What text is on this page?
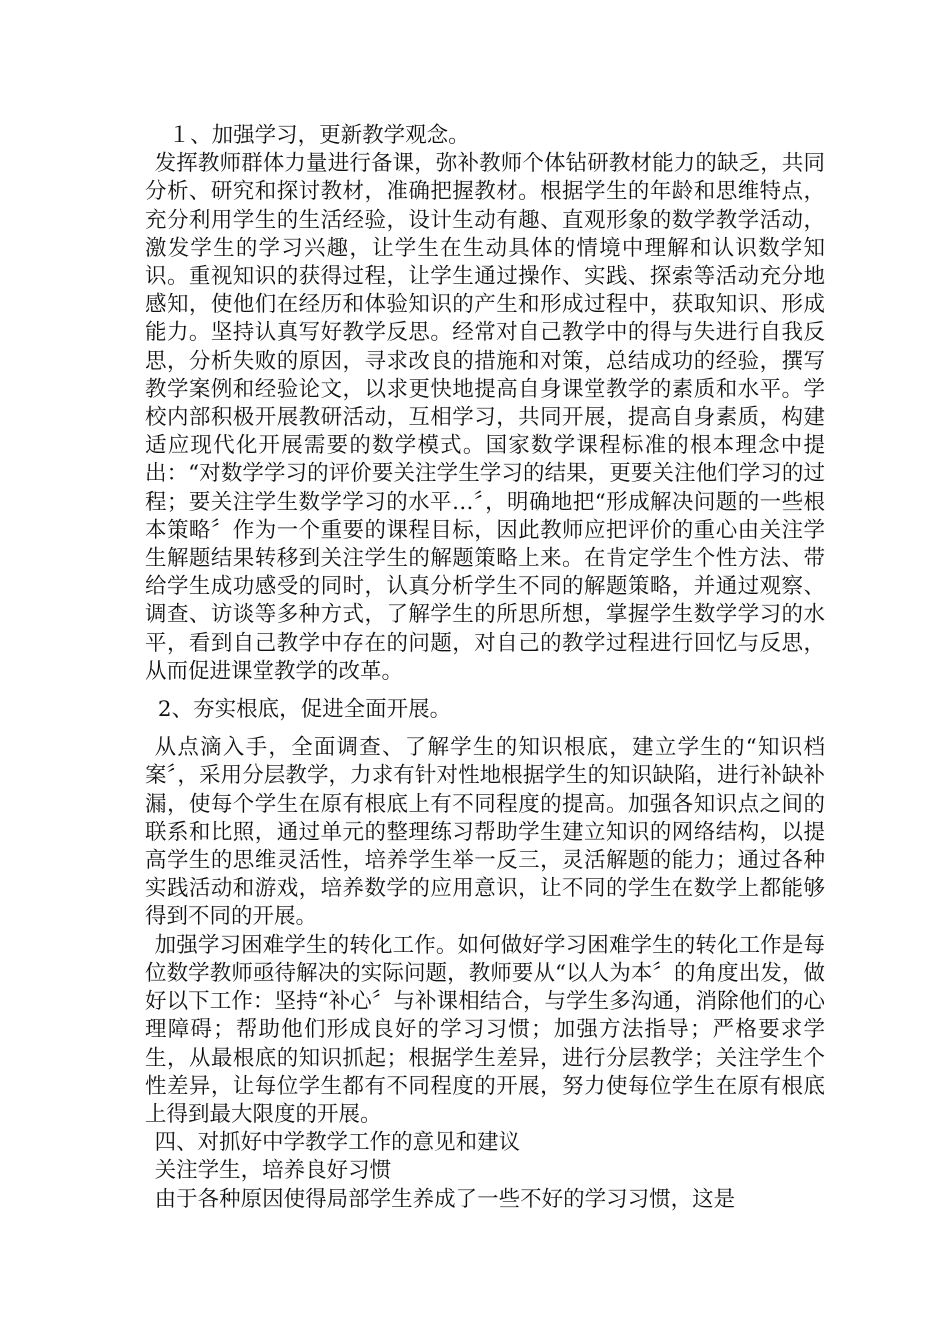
１、加强学习，更新教学观念。

发挥教师群体力量进行备课，弥补教师个体钻研教材能力的缺乏，共同分析、研究和探讨教材，准确把握教材。根据学生的年龄和思维特点，充分利用学生的生活经验，设计生动有趣、直观形象的数学教学活动，激发学生的学习兴趣，让学生在生动具体的情境中理解和认识数学知识。重视知识的获得过程，让学生通过操作、实践、探索等活动充分地感知，使他们在经历和体验知识的产生和形成过程中，获取知识、形成能力。坚持认真写好教学反思。经常对自己教学中的得与失进行自我反思，分析失败的原因，寻求改良的措施和对策，总结成功的经验，撰写教学案例和经验论文，以求更快地提高自身课堂教学的素质和水平。学校内部积极开展教研活动，互相学习，共同开展，提高自身素质，构建适应现代化开展需要的数学模式。国家数学课程标准的根本理念中提出：“对数学学习的评价要关注学生学习的结果，更要关注他们学习的过程；要关注学生数学学习的水平…〞，明确地把“形成解决问题的一些根本策略〞作为一个重要的课程目标，因此教师应把评价的重心由关注学生解题结果转移到关注学生的解题策略上来。在肯定学生个性方法、带给学生成功感受的同时，认真分析学生不同的解题策略，并通过观察、调查、访谈等多种方式，了解学生的所思所想，掌握学生数学学习的水平，看到自己教学中存在的问题，对自己的教学过程进行回忆与反思，从而促进课堂教学的改革。

2、夯实根底，促进全面开展。

从点滴入手，全面调查、了解学生的知识根底，建立学生的“知识档案〞，采用分层教学，力求有针对性地根据学生的知识缺陷，进行补缺补漏，使每个学生在原有根底上有不同程度的提高。加强各知识点之间的联系和比照，通过单元的整理练习帮助学生建立知识的网络结构，以提高学生的思维灵活性，培养学生举一反三，灵活解题的能力；通过各种实践活动和游戏，培养数学的应用意识，让不同的学生在数学上都能够得到不同的开展。

加强学习困难学生的转化工作。如何做好学习困难学生的转化工作是每位数学教师亟待解决的实际问题，教师要从“以人为本〞的角度出发，做好以下工作：坚持“补心〞与补课相结合，与学生多沟通，消除他们的心理障碍；帮助他们形成良好的学习习惯；加强方法指导；严格要求学生，从最根底的知识抓起；根据学生差异，进行分层教学；关注学生个性差异，让每位学生都有不同程度的开展，努力使每位学生在原有根底上得到最大限度的开展。

四、对抓好中学教学工作的意见和建议

关注学生，培养良好习惯

由于各种原因使得局部学生养成了一些不好的学习习惯，这是
